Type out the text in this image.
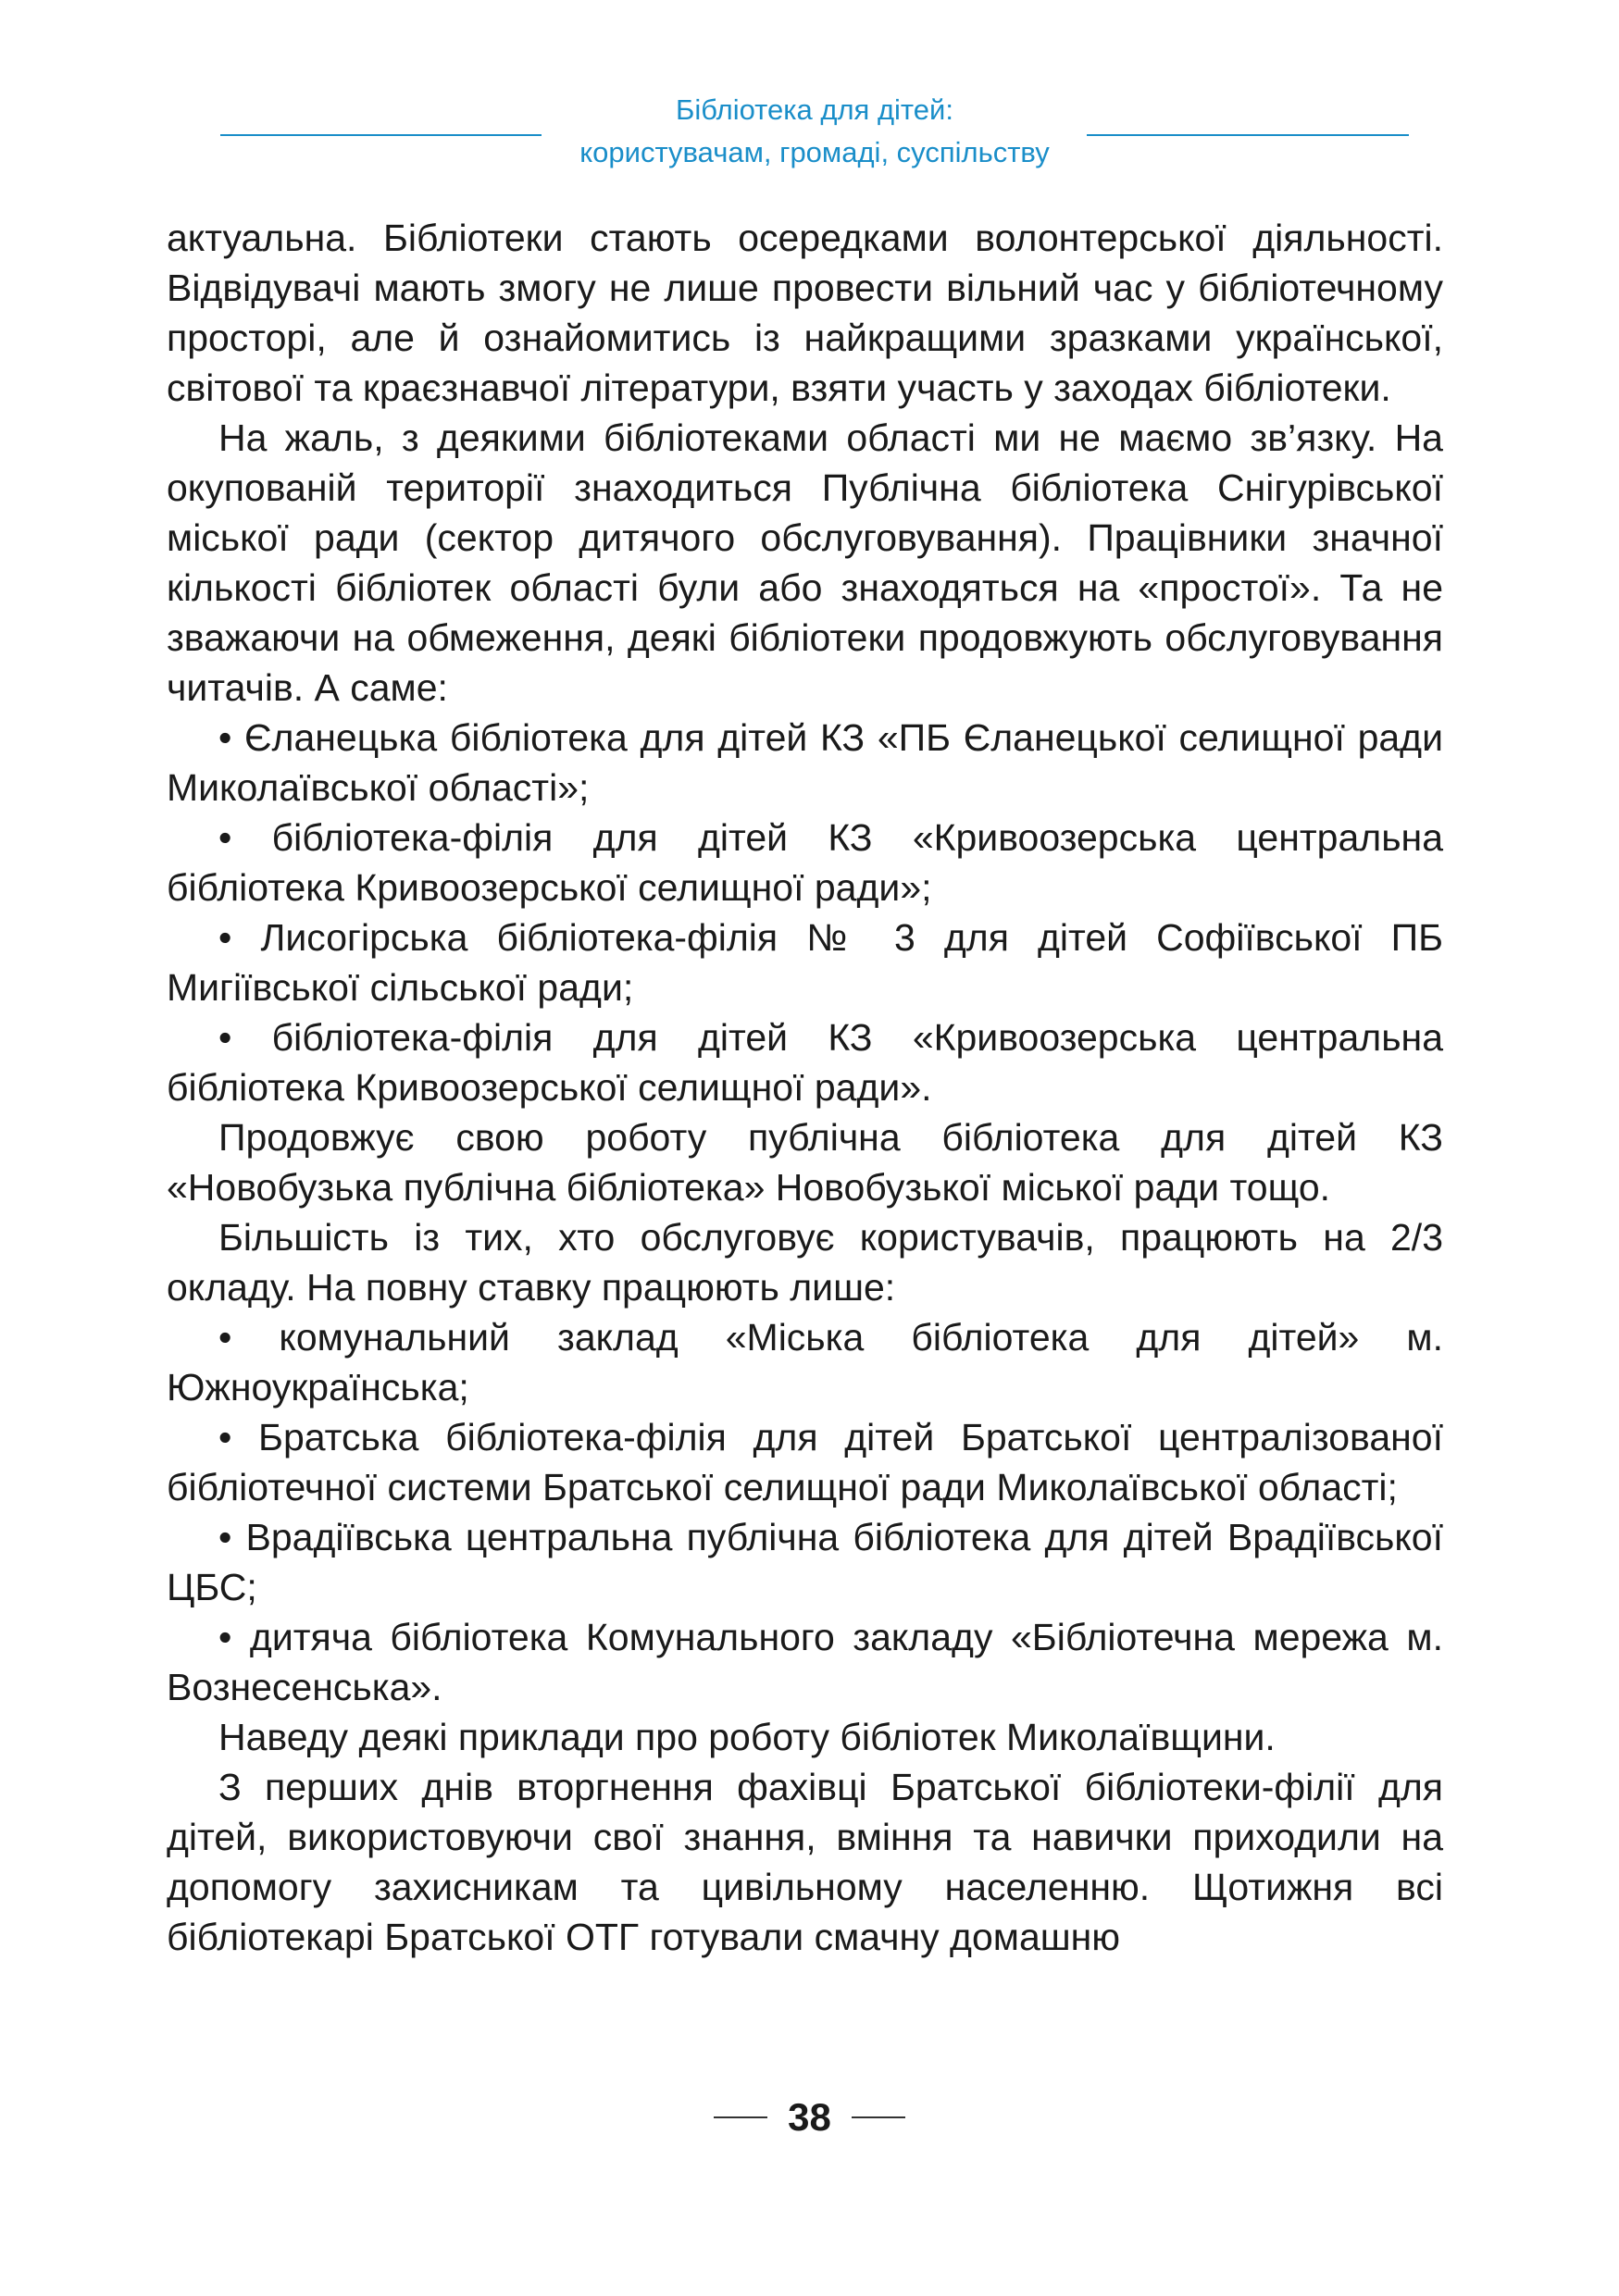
Бібліотека для дітей:
користувачам, громаді, суспільству

актуальна. Бібліотеки стають осередками волонтерської діяльності. Відвідувачі мають змогу не лише провести вільний час у бібліотечному просторі, але й ознайомитись із найкращими зразками української, світової та краєзнавчої літератури, взяти участь у заходах бібліотеки.

На жаль, з деякими бібліотеками області ми не маємо зв’язку. На окупованій території знаходиться Публічна бібліотека Снігурівської міської ради (сектор дитячого обслуговування). Працівники значної кількості бібліотек області були або знаходяться на «простої». Та не зважаючи на обмеження, деякі бібліотеки продовжують обслуговування читачів. А саме:

• Єланецька бібліотека для дітей КЗ «ПБ Єланецької селищної ради Миколаївської області»;

• бібліотека-філія для дітей КЗ «Кривоозерська центральна бібліотека Кривоозерської селищної ради»;

• Лисогірська бібліотека-філія № 3 для дітей Софіївської ПБ Мигіївської сільської ради;

• бібліотека-філія для дітей КЗ «Кривоозерська центральна бібліотека Кривоозерської селищної ради».

Продовжує свою роботу публічна бібліотека для дітей КЗ «Новобузька публічна бібліотека» Новобузької міської ради тощо.

Більшість із тих, хто обслуговує користувачів, працюють на 2/3 окладу. На повну ставку працюють лише:

• комунальний заклад «Міська бібліотека для дітей» м. Южноукраїнська;

• Братська бібліотека-філія для дітей Братської централізованої бібліотечної системи Братської селищної ради Миколаївської області;

• Врадіївська центральна публічна бібліотека для дітей Врадіївської ЦБС;

• дитяча бібліотека Комунального закладу «Бібліотечна мережа м. Вознесенська».

Наведу деякі приклади про роботу бібліотек Миколаївщини.

З перших днів вторгнення фахівці Братської бібліотеки-філії для дітей, використовуючи свої знання, вміння та навички приходили на допомогу захисникам та цивільному населенню. Щотижня всі бібліотекарі Братської ОТГ готували смачну домашню

38
